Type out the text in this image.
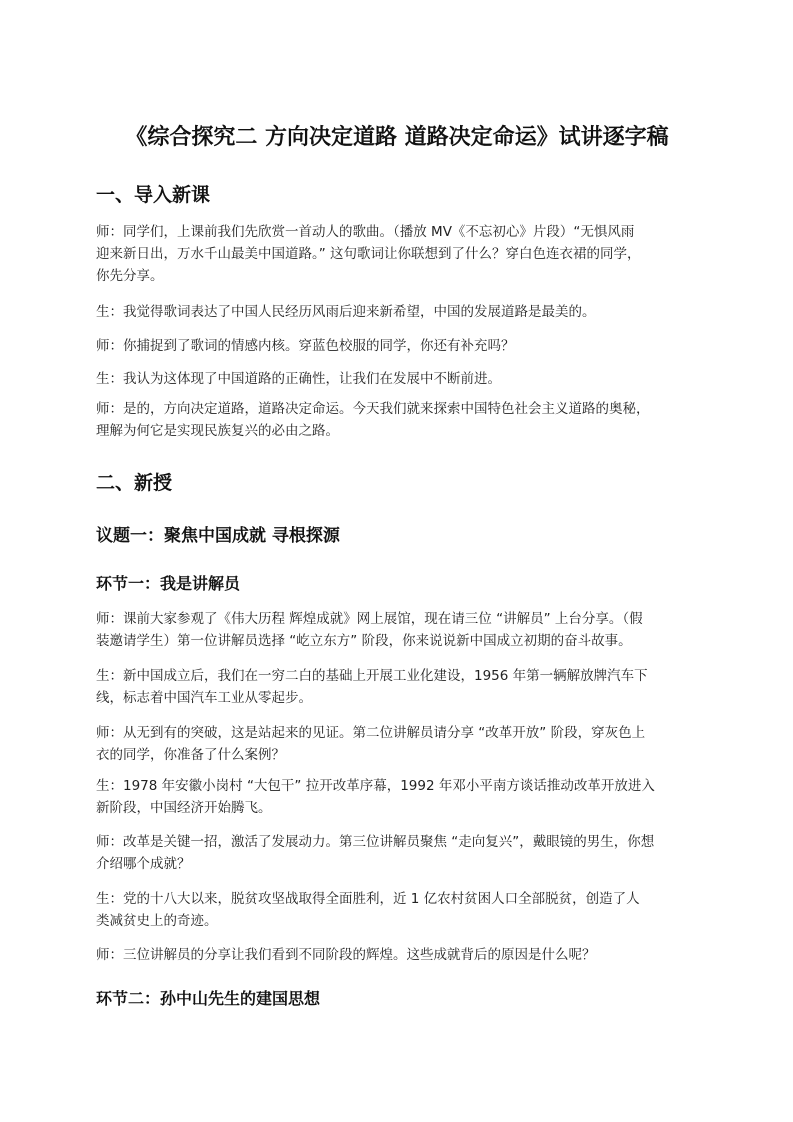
《综合探究二 方向决定道路 道路决定命运》试讲逐字稿
一、导入新课

师：同学们，上课前我们先欣赏一首动人的歌曲。（播放 MV《不忘初心》片段）“无惧风雨
迎来新日出，万水千山最美中国道路。” 这句歌词让你联想到了什么？穿白色连衣裙的同学，
你先分享。

生：我觉得歌词表达了中国人民经历风雨后迎来新希望，中国的发展道路是最美的。

师：你捕捉到了歌词的情感内核。穿蓝色校服的同学，你还有补充吗？

生：我认为这体现了中国道路的正确性，让我们在发展中不断前进。

师：是的，方向决定道路，道路决定命运。今天我们就来探索中国特色社会主义道路的奥秘，
理解为何它是实现民族复兴的必由之路。

二、新授
议题一：聚焦中国成就 寻根探源
环节一：我是讲解员

师：课前大家参观了《伟大历程 辉煌成就》网上展馆，现在请三位 “讲解员” 上台分享。（假
装邀请学生）第一位讲解员选择 “屹立东方” 阶段，你来说说新中国成立初期的奋斗故事。

生：新中国成立后，我们在一穷二白的基础上开展工业化建设，1956 年第一辆解放牌汽车下
线，标志着中国汽车工业从零起步。

师：从无到有的突破，这是站起来的见证。第二位讲解员请分享 “改革开放” 阶段，穿灰色上
衣的同学，你准备了什么案例？

生：1978 年安徽小岗村 “大包干” 拉开改革序幕，1992 年邓小平南方谈话推动改革开放进入
新阶段，中国经济开始腾飞。

师：改革是关键一招，激活了发展动力。第三位讲解员聚焦 “走向复兴”，戴眼镜的男生，你想
介绍哪个成就？

生：党的十八大以来，脱贫攻坚战取得全面胜利，近 1 亿农村贫困人口全部脱贫，创造了人
类减贫史上的奇迹。

师：三位讲解员的分享让我们看到不同阶段的辉煌。这些成就背后的原因是什么呢？

环节二：孙中山先生的建国思想
